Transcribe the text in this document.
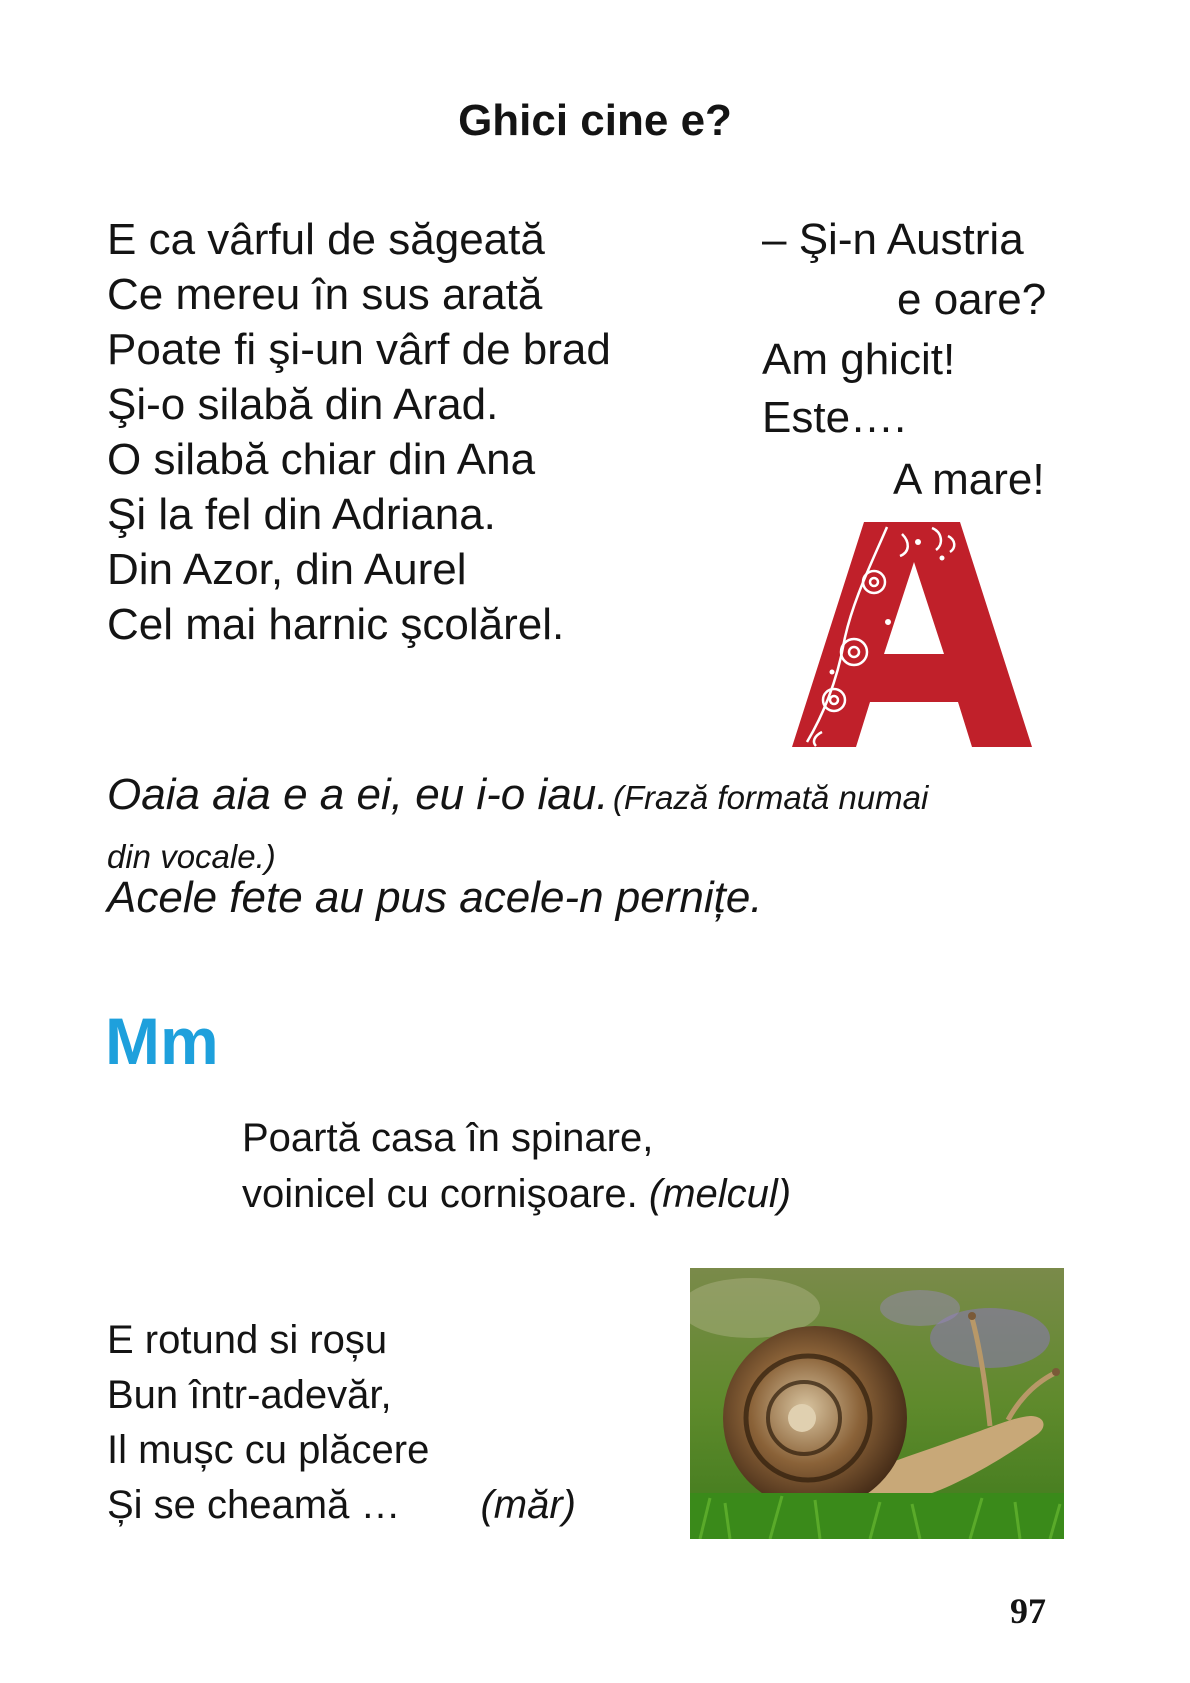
Ghici cine e?
E ca vârful de săgeată
Ce mereu în sus arată
Poate fi şi-un vârf de brad
Şi-o silabă din Arad.
O silabă chiar din Ana
Şi la fel din Adriana.
Din Azor, din Aurel
Cel mai harnic şcolărel.
– Şi-n Austria
e oare?
Am ghicit!
Este….
A mare!
Oaia aia e a ei, eu i-o iau. (Frază formată numai
din vocale.)
Acele fete au pus acele-n pernițe.
Mm
Poartă casa în spinare,
voinicel cu cornişoare. (melcul)
E rotund si roșu
Bun într-adevăr,
Il mușc cu plăcere
Și se cheamă … (măr)
97
